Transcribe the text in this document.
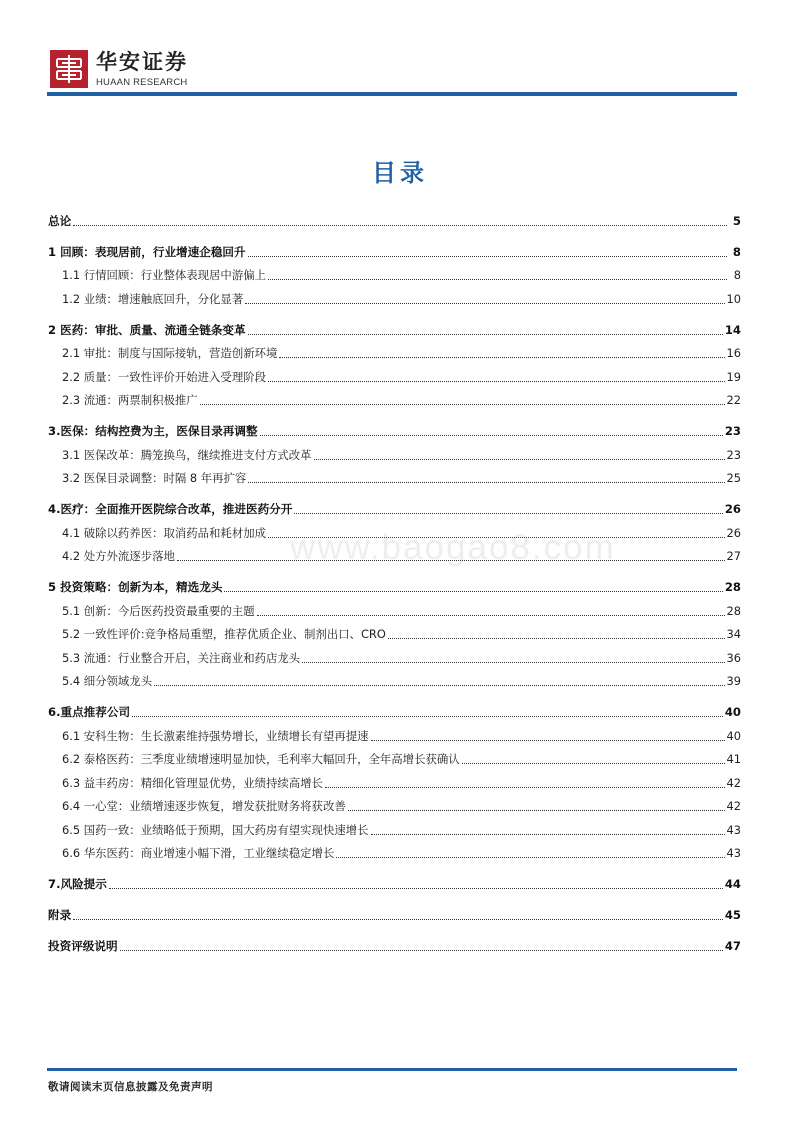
华安证券
HUAAN RESEARCH
目录
总论	5
1 回顾：表现居前，行业增速企稳回升	8
1.1 行情回顾：行业整体表现居中游偏上	8
1.2 业绩：增速触底回升，分化显著	10
2 医药：审批、质量、流通全链条变革	14
2.1 审批：制度与国际接轨，营造创新环境	16
2.2 质量：一致性评价开始进入受理阶段	19
2.3 流通：两票制积极推广	22
3.医保：结构控费为主，医保目录再调整	23
3.1 医保改革：腾笼换鸟，继续推进支付方式改革	23
3.2 医保目录调整：时隔 8 年再扩容	25
4.医疗：全面推开医院综合改革，推进医药分开	26
4.1 破除以药养医：取消药品和耗材加成	26
4.2 处方外流逐步落地	27
5 投资策略：创新为本，精选龙头	28
5.1 创新：今后医药投资最重要的主题	28
5.2 一致性评价:竞争格局重塑，推荐优质企业、制剂出口、CRO	34
5.3 流通：行业整合开启，关注商业和药店龙头	36
5.4 细分领域龙头	39
6.重点推荐公司	40
6.1 安科生物：生长激素维持强势增长，业绩增长有望再提速	40
6.2 泰格医药：三季度业绩增速明显加快，毛利率大幅回升，全年高增长获确认	41
6.3 益丰药房：精细化管理显优势，业绩持续高增长	42
6.4 一心堂：业绩增速逐步恢复，增发获批财务将获改善	42
6.5 国药一致：业绩略低于预期，国大药房有望实现快速增长	43
6.6 华东医药：商业增速小幅下滑，工业继续稳定增长	43
7.风险提示	44
附录	45
投资评级说明	47
www.baogao8.com
敬请阅读末页信息披露及免责声明
